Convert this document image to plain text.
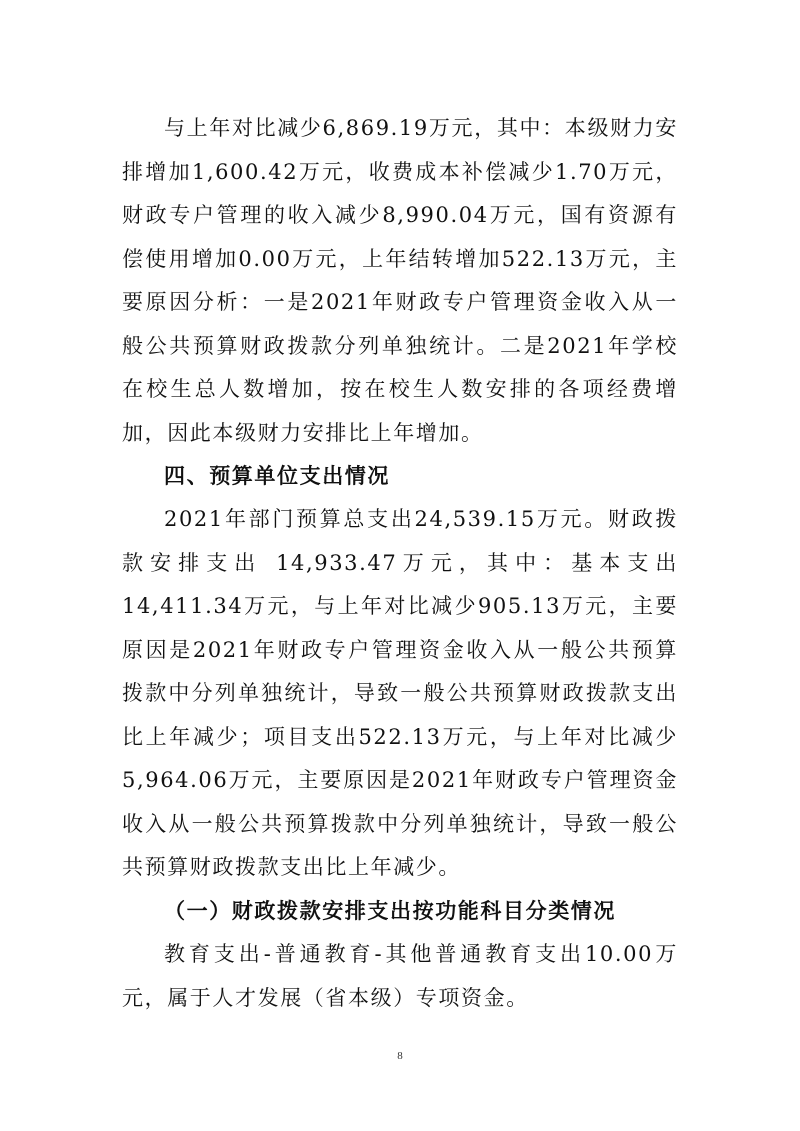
与上年对比减少6,869.19万元，其中：本级财力安排增加1,600.42万元，收费成本补偿减少1.70万元，财政专户管理的收入减少8,990.04万元，国有资源有偿使用增加0.00万元，上年结转增加522.13万元，主要原因分析：一是2021年财政专户管理资金收入从一般公共预算财政拨款分列单独统计。二是2021年学校在校生总人数增加，按在校生人数安排的各项经费增加，因此本级财力安排比上年增加。

四、预算单位支出情况

2021年部门预算总支出24,539.15万元。财政拨款安排支出 14,933.47万元，其中：基本支出14,411.34万元，与上年对比减少905.13万元，主要原因是2021年财政专户管理资金收入从一般公共预算拨款中分列单独统计，导致一般公共预算财政拨款支出比上年减少；项目支出522.13万元，与上年对比减少5,964.06万元，主要原因是2021年财政专户管理资金收入从一般公共预算拨款中分列单独统计，导致一般公共预算财政拨款支出比上年减少。

（一）财政拨款安排支出按功能科目分类情况

教育支出-普通教育-其他普通教育支出10.00万元，属于人才发展（省本级）专项资金。

8
